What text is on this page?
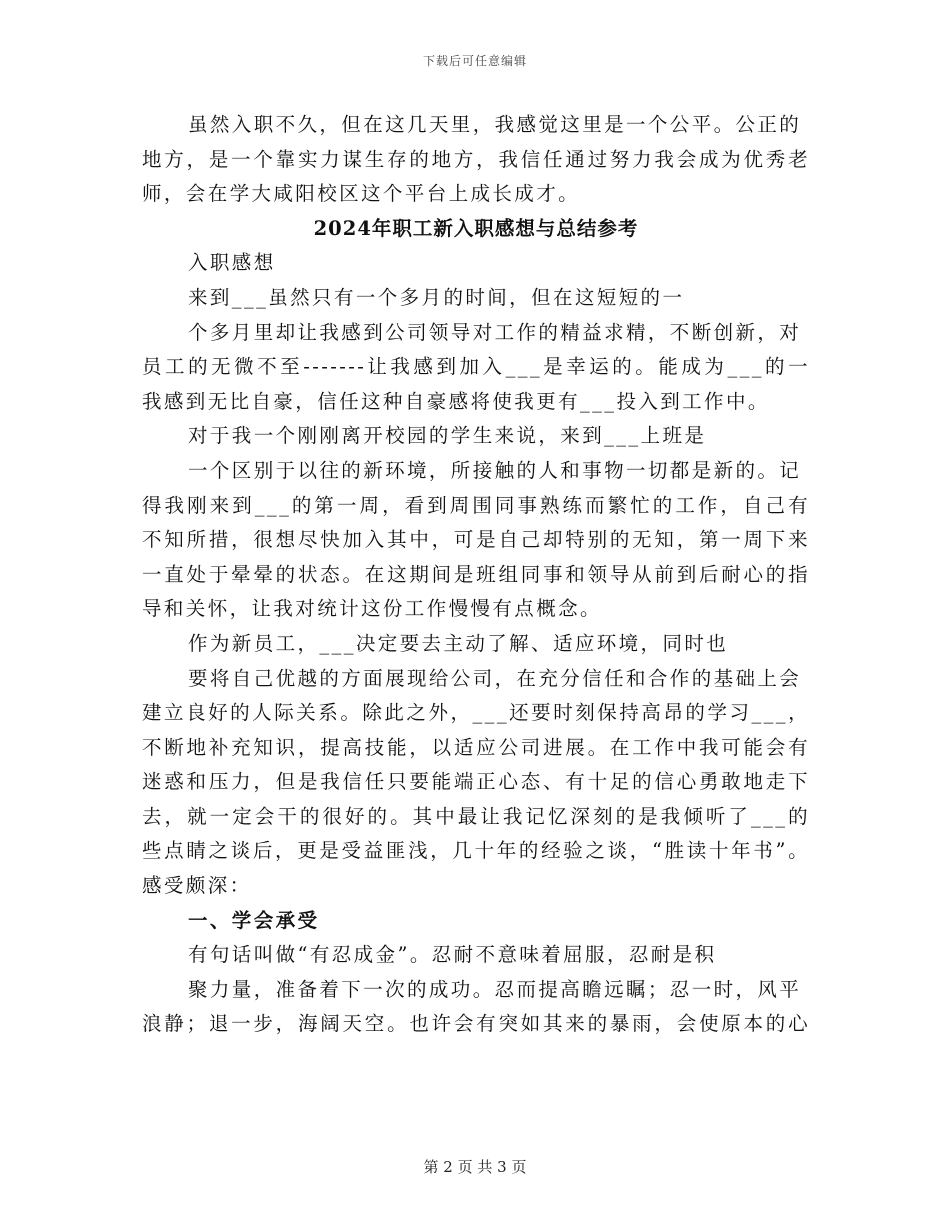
下载后可任意编辑
虽然入职不久，但在这几天里，我感觉这里是一个公平。公正的
地方，是一个靠实力谋生存的地方，我信任通过努力我会成为优秀老
师，会在学大咸阳校区这个平台上成长成才。
2024年职工新入职感想与总结参考
入职感想
来到___虽然只有一个多月的时间，但在这短短的一
个多月里却让我感到公司领导对工作的精益求精，不断创新，对
员工的无微不至-------让我感到加入___是幸运的。能成为___的一
我感到无比自豪，信任这种自豪感将使我更有___投入到工作中。
对于我一个刚刚离开校园的学生来说，来到___上班是
一个区别于以往的新环境，所接触的人和事物一切都是新的。记
得我刚来到___的第一周，看到周围同事熟练而繁忙的工作，自己有
不知所措，很想尽快加入其中，可是自己却特别的无知，第一周下来
一直处于晕晕的状态。在这期间是班组同事和领导从前到后耐心的指
导和关怀，让我对统计这份工作慢慢有点概念。
作为新员工，___决定要去主动了解、适应环境，同时也
要将自己优越的方面展现给公司，在充分信任和合作的基础上会
建立良好的人际关系。除此之外，___还要时刻保持高昂的学习___，
不断地补充知识，提高技能，以适应公司进展。在工作中我可能会有
迷惑和压力，但是我信任只要能端正心态、有十足的信心勇敢地走下
去，就一定会干的很好的。其中最让我记忆深刻的是我倾听了___的
些点睛之谈后，更是受益匪浅，几十年的经验之谈，“胜读十年书”。
感受颇深：
一、学会承受
有句话叫做“有忍成金”。忍耐不意味着屈服，忍耐是积
聚力量，准备着下一次的成功。忍而提高瞻远瞩；忍一时，风平
浪静；退一步，海阔天空。也许会有突如其来的暴雨，会使原本的心
第 2 页 共 3 页
